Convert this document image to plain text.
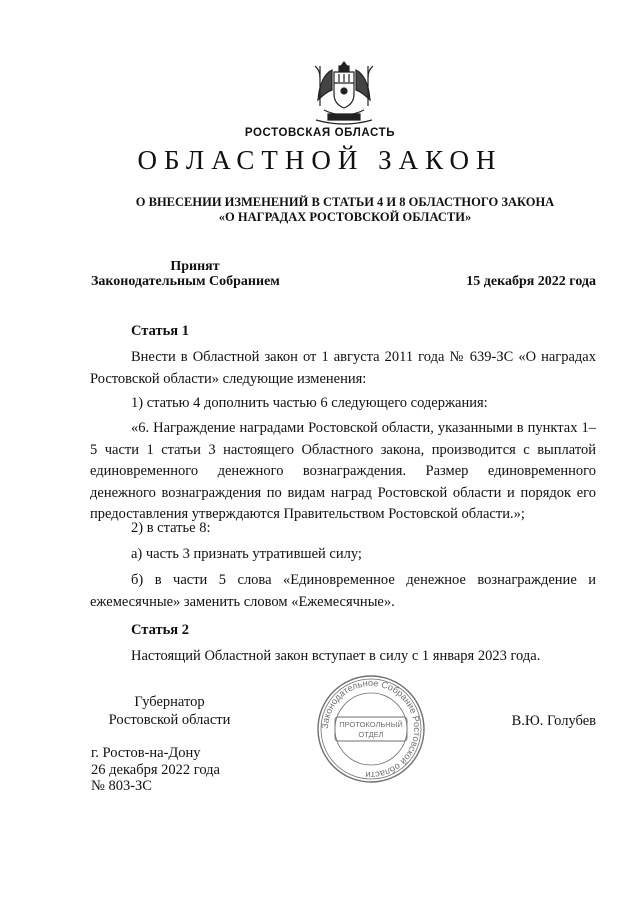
РОСТОВСКАЯ ОБЛАСТЬ
ОБЛАСТНОЙ ЗАКОН
О ВНЕСЕНИИ ИЗМЕНЕНИЙ В СТАТЬИ 4 И 8 ОБЛАСТНОГО ЗАКОНА
«О НАГРАДАХ РОСТОВСКОЙ ОБЛАСТИ»
Принят
Законодательным Собранием	15 декабря 2022 года
Статья 1
Внести в Областной закон от 1 августа 2011 года № 639-ЗС «О наградах Ростовской области» следующие изменения:
1) статью 4 дополнить частью 6 следующего содержания:
«6. Награждение наградами Ростовской области, указанными в пунктах 1–5 части 1 статьи 3 настоящего Областного закона, производится с выплатой единовременного денежного вознаграждения. Размер единовременного денежного вознаграждения по видам наград Ростовской области и порядок его предоставления утверждаются Правительством Ростовской области.»;
2) в статье 8:
а) часть 3 признать утратившей силу;
б) в части 5 слова «Единовременное денежное вознаграждение и ежемесячные» заменить словом «Ежемесячные».
Статья 2
Настоящий Областной закон вступает в силу с 1 января 2023 года.
Губернатор
Ростовской области	В.Ю. Голубев
г. Ростов-на-Дону
26 декабря 2022 года
№ 803-ЗС
Законодательное Собрание Ростовской области
ПРОТОКОЛЬНЫЙ
ОТДЕЛ
